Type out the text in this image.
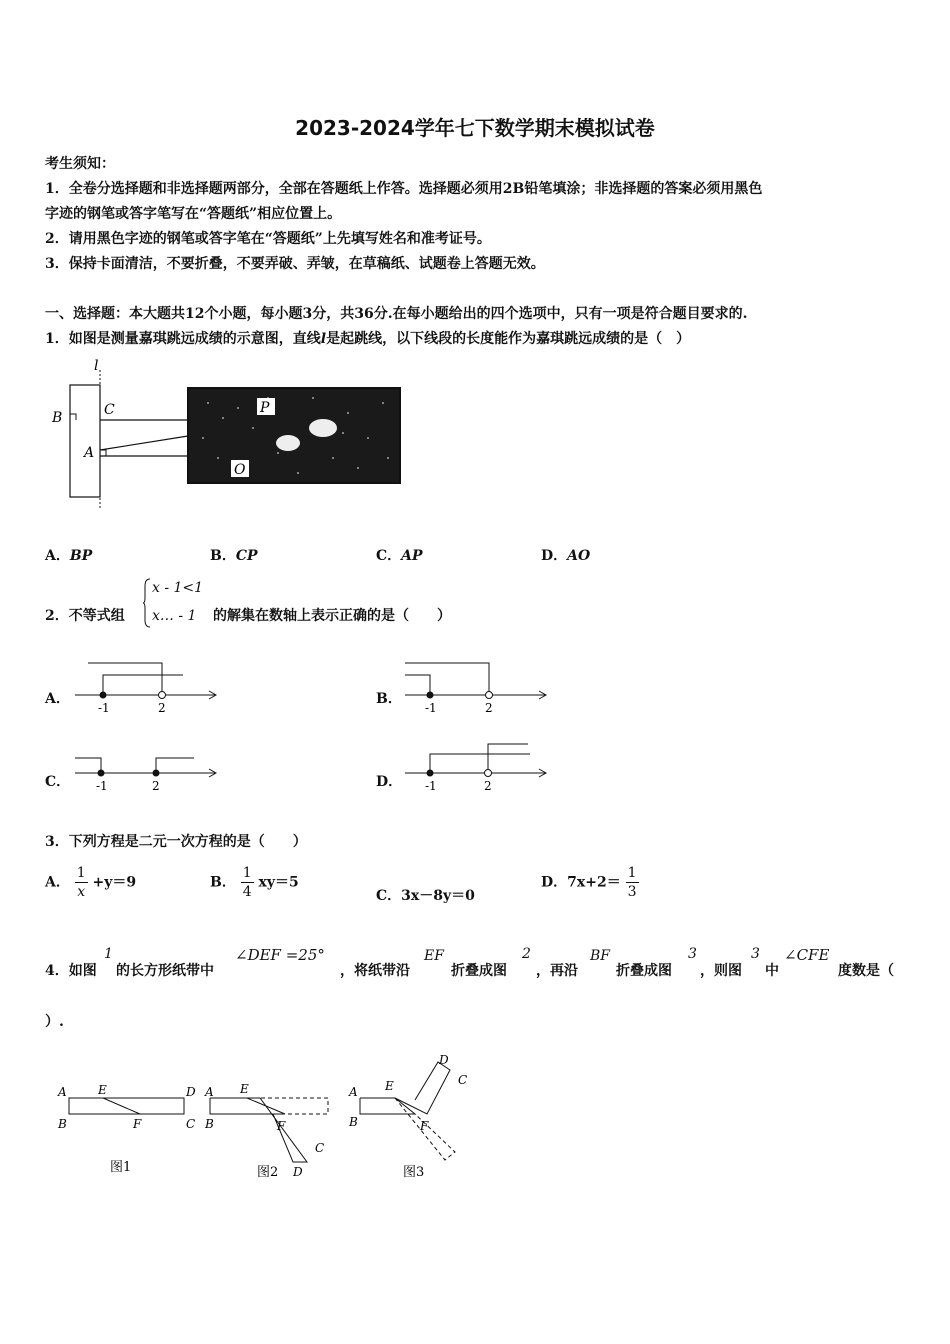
2023-2024学年七下数学期末模拟试卷
考生须知：
1．全卷分选择题和非选择题两部分，全部在答题纸上作答。选择题必须用2B铅笔填涂；非选择题的答案必须用黑色
字迹的钢笔或答字笔写在“答题纸”相应位置上。
2．请用黑色字迹的钢笔或答字笔在“答题纸”上先填写姓名和准考证号。
3．保持卡面清洁，不要折叠，不要弄破、弄皱，在草稿纸、试题卷上答题无效。
一、选择题：本大题共12个小题，每小题3分，共36分.在每小题给出的四个选项中，只有一项是符合题目要求的.
1．如图是测量嘉琪跳远成绩的示意图，直线l是起跳线，以下线段的长度能作为嘉琪跳远成绩的是（　）
l
B	C
A
P
O
A．BP	B．CP	C．AP	D．AO
2．不等式组
x - 1<1
x… - 1 的解集在数轴上表示正确的是（　　）
A．
-1	2
B．
-1	2
C． -1	2	D． -1	2
3．下列方程是二元一次方程的是（　　）
A． $\frac{1}{x} +y=9$	B． $\frac{1}{4} xy=5$
C．3x－8y＝0
D．$7x+2= \frac{1}{3}$
4．如图
1
的长方形纸带中
∠DEF =25°
，将纸带沿
EF
折叠成图
2
，再沿
BF
折叠成图
3
，则图
3
中
∠CFE
度数是（
）.
A	E	D
B	F	C
图1
A E
B	F
C
D
图2
A E
D
C
B	F
图3
